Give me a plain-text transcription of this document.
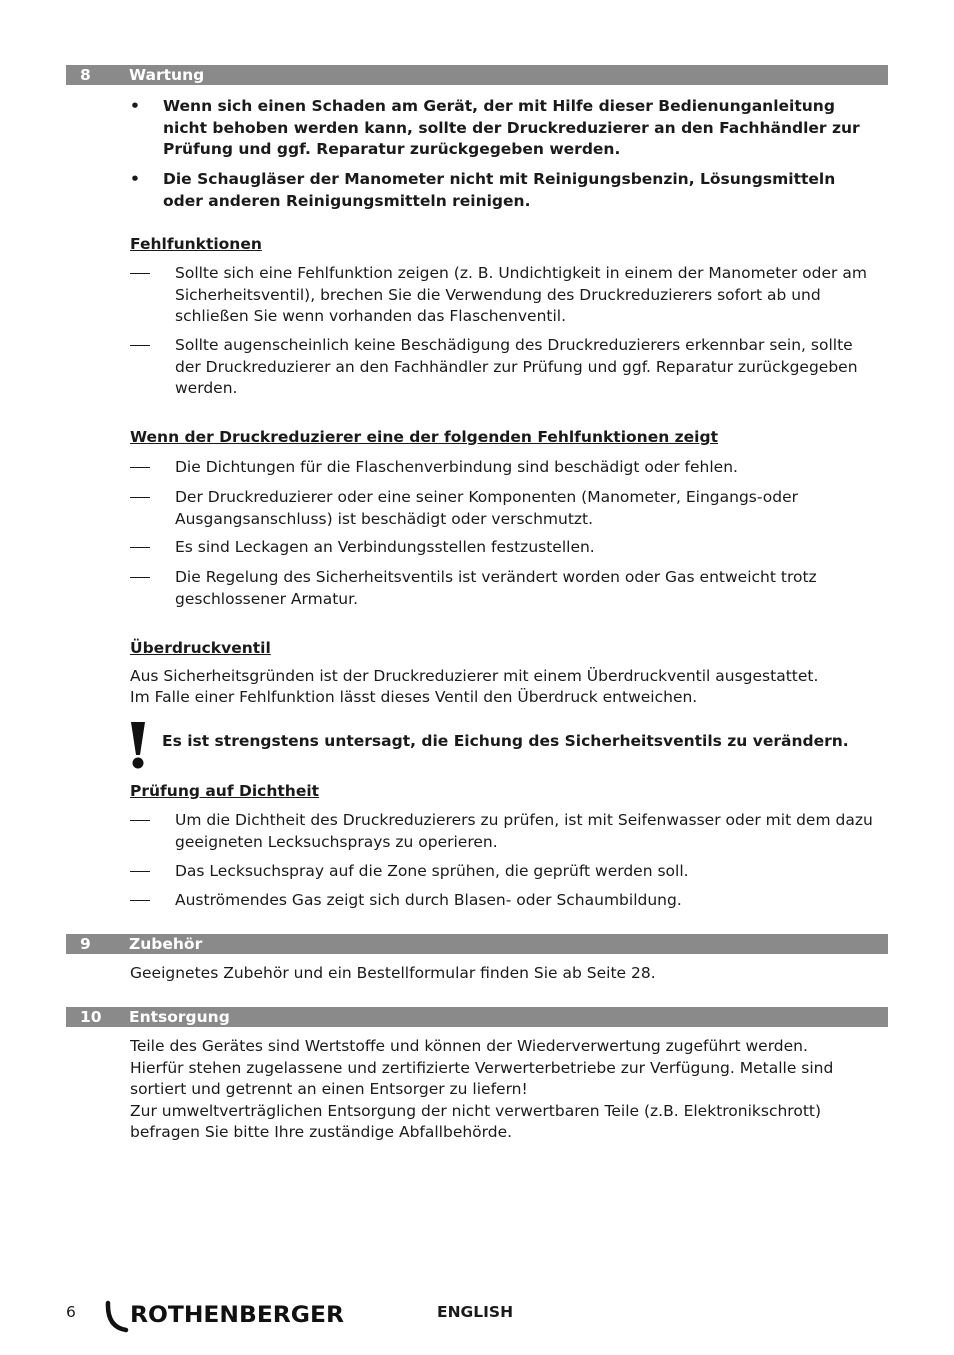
8 Wartung
• Wenn sich einen Schaden am Gerät, der mit Hilfe dieser Bedienunganleitung nicht behoben werden kann, sollte der Druckreduzierer an den Fachhändler zur Prüfung und ggf. Reparatur zurückgegeben werden.
• Die Schaugläser der Manometer nicht mit Reinigungsbenzin, Lösungsmitteln oder anderen Reinigungsmitteln reinigen.
Fehlfunktionen
Sollte sich eine Fehlfunktion zeigen (z. B. Undichtigkeit in einem der Manometer oder am Sicherheitsventil), brechen Sie die Verwendung des Druckreduzierers sofort ab und schließen Sie wenn vorhanden das Flaschenventil.
Sollte augenscheinlich keine Beschädigung des Druckreduzierers erkennbar sein, sollte der Druckreduzierer an den Fachhändler zur Prüfung und ggf. Reparatur zurückgegeben werden.
Wenn der Druckreduzierer eine der folgenden Fehlfunktionen zeigt
Die Dichtungen für die Flaschenverbindung sind beschädigt oder fehlen.
Der Druckreduzierer oder eine seiner Komponenten (Manometer, Eingangs-oder Ausgangsanschluss) ist beschädigt oder verschmutzt.
Es sind Leckagen an Verbindungsstellen festzustellen.
Die Regelung des Sicherheitsventils ist verändert worden oder Gas entweicht trotz geschlossener Armatur.
Überdruckventil
Aus Sicherheitsgründen ist der Druckreduzierer mit einem Überdruckventil ausgestattet.
Im Falle einer Fehlfunktion lässt dieses Ventil den Überdruck entweichen.
Es ist strengstens untersagt, die Eichung des Sicherheitsventils zu verändern.
Prüfung auf Dichtheit
Um die Dichtheit des Druckreduzierers zu prüfen, ist mit Seifenwasser oder mit dem dazu geeigneten Lecksuchsprays zu operieren.
Das Lecksuchspray auf die Zone sprühen, die geprüft werden soll.
Auströmendes Gas zeigt sich durch Blasen- oder Schaumbildung.
9 Zubehör
Geeignetes Zubehör und ein Bestellformular finden Sie ab Seite 28.
10 Entsorgung
Teile des Gerätes sind Wertstoffe und können der Wiederverwertung zugeführt werden.
Hierfür stehen zugelassene und zertifizierte Verwerterbetriebe zur Verfügung. Metalle sind sortiert und getrennt an einen Entsorger zu liefern!
Zur umweltverträglichen Entsorgung der nicht verwertbaren Teile (z.B. Elektronikschrott) befragen Sie bitte Ihre zuständige Abfallbehörde.
6 ROTHENBERGER	ENGLISH
